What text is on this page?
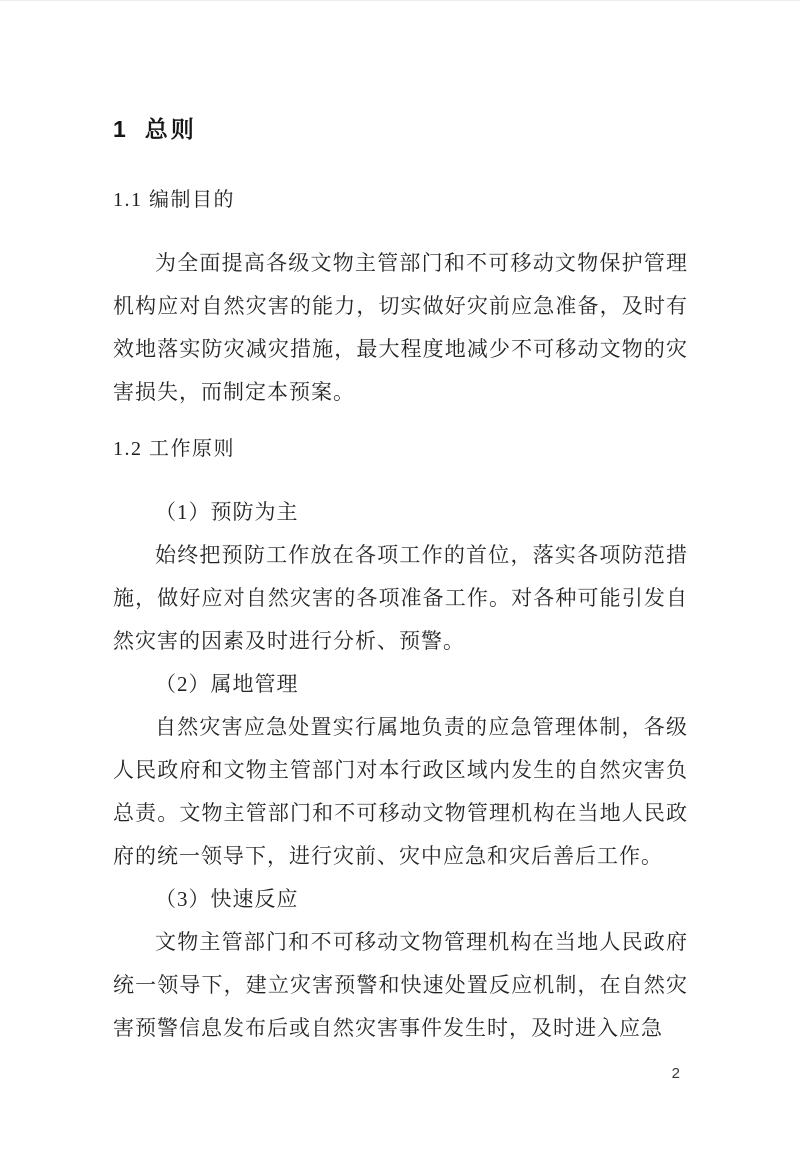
1 总则
1.1 编制目的

为全面提高各级文物主管部门和不可移动文物保护管理机构应对自然灾害的能力，切实做好灾前应急准备，及时有效地落实防灾减灾措施，最大程度地减少不可移动文物的灾害损失，而制定本预案。

1.2 工作原则

（1）预防为主

始终把预防工作放在各项工作的首位，落实各项防范措施，做好应对自然灾害的各项准备工作。对各种可能引发自然灾害的因素及时进行分析、预警。

（2）属地管理

自然灾害应急处置实行属地负责的应急管理体制，各级人民政府和文物主管部门对本行政区域内发生的自然灾害负总责。文物主管部门和不可移动文物管理机构在当地人民政府的统一领导下，进行灾前、灾中应急和灾后善后工作。

（3）快速反应

文物主管部门和不可移动文物管理机构在当地人民政府统一领导下，建立灾害预警和快速处置反应机制，在自然灾害预警信息发布后或自然灾害事件发生时，及时进入应急

2
